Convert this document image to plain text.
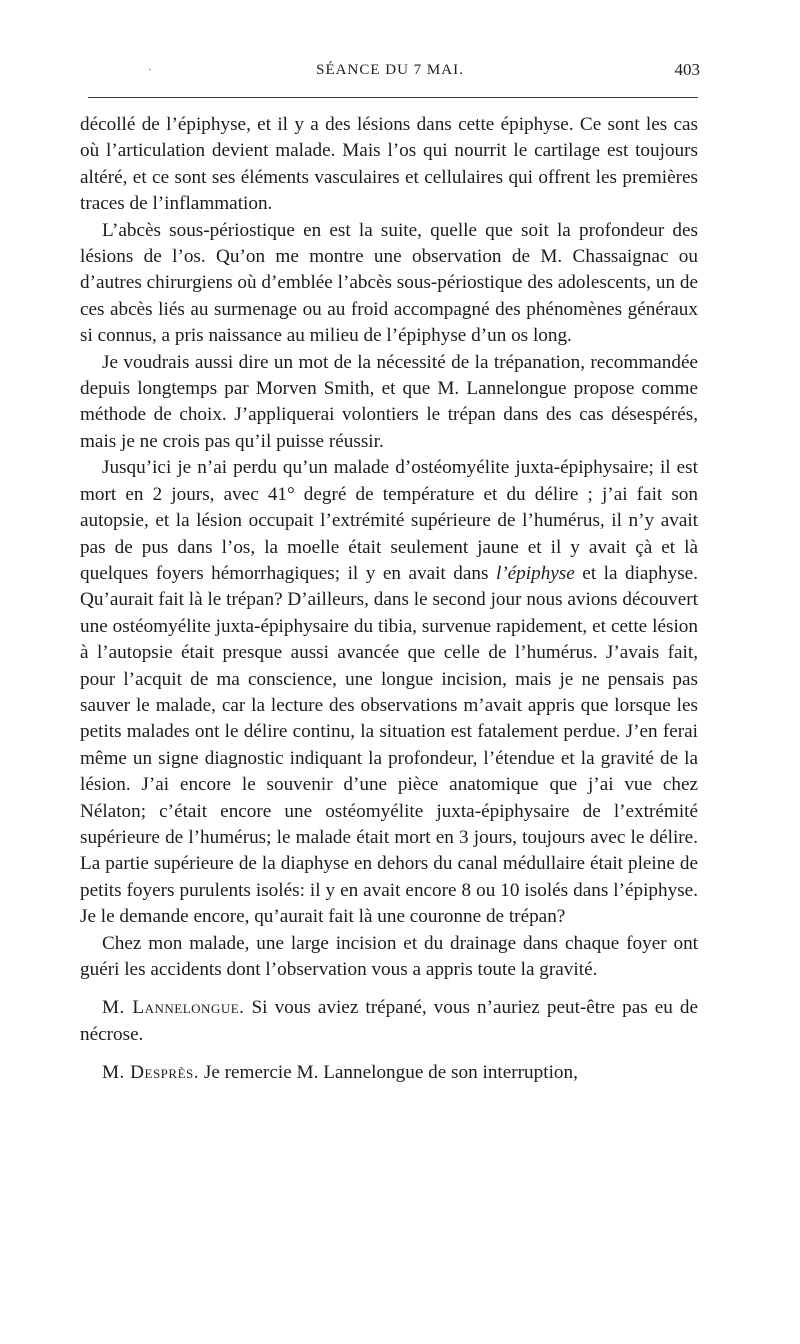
·	SÉANCE DU 7 MAI.	403

décollé de l’épiphyse, et il y a des lésions dans cette épiphyse. Ce sont les cas où l’articulation devient malade. Mais l’os qui nourrit le cartilage est toujours altéré, et ce sont ses éléments vasculaires et cellulaires qui offrent les premières traces de l’inflammation.

L’abcès sous-périostique en est la suite, quelle que soit la profondeur des lésions de l’os. Qu’on me montre une observation de M. Chassaignac ou d’autres chirurgiens où d’emblée l’abcès sous-périostique des adolescents, un de ces abcès liés au surmenage ou au froid accompagné des phénomènes généraux si connus, a pris naissance au milieu de l’épiphyse d’un os long.

Je voudrais aussi dire un mot de la nécessité de la trépanation, recommandée depuis longtemps par Morven Smith, et que M. Lannelongue propose comme méthode de choix. J’appliquerai volontiers le trépan dans des cas désespérés, mais je ne crois pas qu’il puisse réussir.

Jusqu’ici je n’ai perdu qu’un malade d’ostéomyélite juxta-épiphysaire; il est mort en 2 jours, avec 41° degré de température et du délire ; j’ai fait son autopsie, et la lésion occupait l’extrémité supérieure de l’humérus, il n’y avait pas de pus dans l’os, la moelle était seulement jaune et il y avait çà et là quelques foyers hémorrhagiques; il y en avait dans l’épiphyse et la diaphyse. Qu’aurait fait là le trépan? D’ailleurs, dans le second jour nous avions découvert une ostéomyélite juxta-épiphysaire du tibia, survenue rapidement, et cette lésion à l’autopsie était presque aussi avancée que celle de l’humérus. J’avais fait, pour l’acquit de ma conscience, une longue incision, mais je ne pensais pas sauver le malade, car la lecture des observations m’avait appris que lorsque les petits malades ont le délire continu, la situation est fatalement perdue. J’en ferai même un signe diagnostic indiquant la profondeur, l’étendue et la gravité de la lésion. J’ai encore le souvenir d’une pièce anatomique que j’ai vue chez Nélaton; c’était encore une ostéomyélite juxta-épiphysaire de l’extrémité supérieure de l’humérus; le malade était mort en 3 jours, toujours avec le délire. La partie supérieure de la diaphyse en dehors du canal médullaire était pleine de petits foyers purulents isolés: il y en avait encore 8 ou 10 isolés dans l’épiphyse. Je le demande encore, qu’aurait fait là une couronne de trépan?

Chez mon malade, une large incision et du drainage dans chaque foyer ont guéri les accidents dont l’observation vous a appris toute la gravité.

M. Lannelongue. Si vous aviez trépané, vous n’auriez peut-être pas eu de nécrose.

M. Desprès. Je remercie M. Lannelongue de son interruption,
